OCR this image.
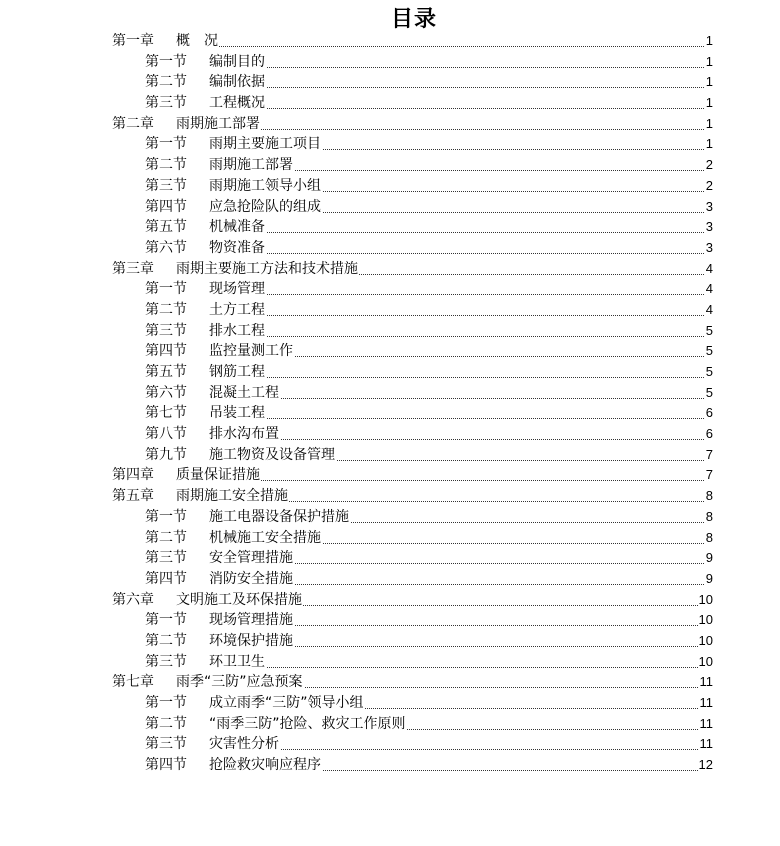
目录
第一章	概　况	1
第一节	编制目的	1
第二节	编制依据	1
第三节	工程概况	1
第二章	雨期施工部署	1
第一节	雨期主要施工项目	1
第二节	雨期施工部署	2
第三节	雨期施工领导小组	2
第四节	应急抢险队的组成	3
第五节	机械准备	3
第六节	物资准备	3
第三章	雨期主要施工方法和技术措施	4
第一节	现场管理	4
第二节	土方工程	4
第三节	排水工程	5
第四节	监控量测工作	5
第五节	钢筋工程	5
第六节	混凝土工程	5
第七节	吊装工程	6
第八节	排水沟布置	6
第九节	施工物资及设备管理	7
第四章	质量保证措施	7
第五章	雨期施工安全措施	8
第一节	施工电器设备保护措施	8
第二节	机械施工安全措施	8
第三节	安全管理措施	9
第四节	消防安全措施	9
第六章	文明施工及环保措施	10
第一节	现场管理措施	10
第二节	环境保护措施	10
第三节	环卫卫生	10
第七章	雨季“三防”应急预案	11
第一节	成立雨季“三防”领导小组	11
第二节	“雨季三防”抢险、救灾工作原则	11
第三节	灾害性分析	11
第四节	抢险救灾响应程序	12
